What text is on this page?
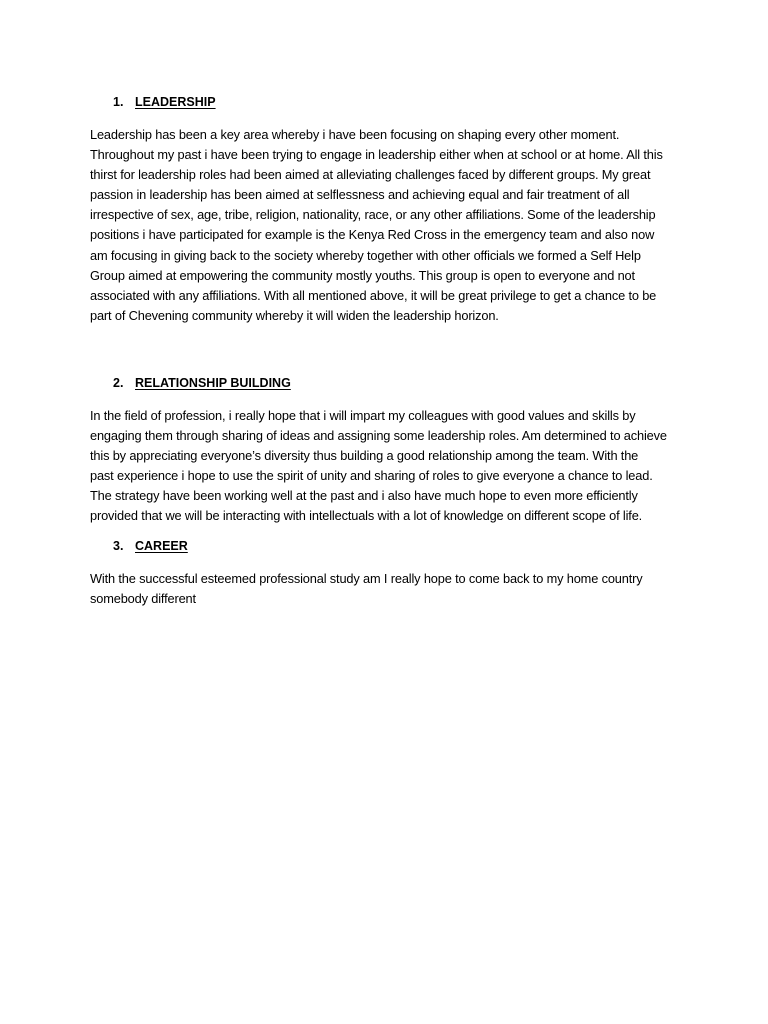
1. LEADERSHIP
Leadership has been a key area whereby i have been focusing on shaping every other moment.
Throughout my past i have been trying to engage in leadership either when at school or at home. All this
thirst for leadership roles had been aimed at alleviating challenges faced by different groups. My great
passion in leadership has been aimed at selflessness and achieving equal and fair treatment of all
irrespective of sex, age, tribe, religion, nationality, race, or any other affiliations. Some of the leadership
positions i have participated for example is the Kenya Red Cross in the emergency team and also now
am focusing in giving back to the society whereby together with other officials we formed a Self Help
Group aimed at empowering the community mostly youths. This group is open to everyone and not
associated with any affiliations. With all mentioned above, it will be great privilege to get a chance to be
part of Chevening community whereby it will widen the leadership horizon.
2. RELATIONSHIP BUILDING
In the field of profession, i really hope that i will impart my colleagues with good values and skills by
engaging them through sharing of ideas and assigning some leadership roles. Am determined to achieve
this by appreciating everyone’s diversity thus building a good relationship among the team. With the
past experience i hope to use the spirit of unity and sharing of roles to give everyone a chance to lead.
The strategy have been working well at the past and i also have much hope to even more efficiently
provided that we will be interacting with intellectuals with a lot of knowledge on different scope of life.
3. CAREER
With the successful esteemed professional study am I really hope to come back to my home country
somebody different
